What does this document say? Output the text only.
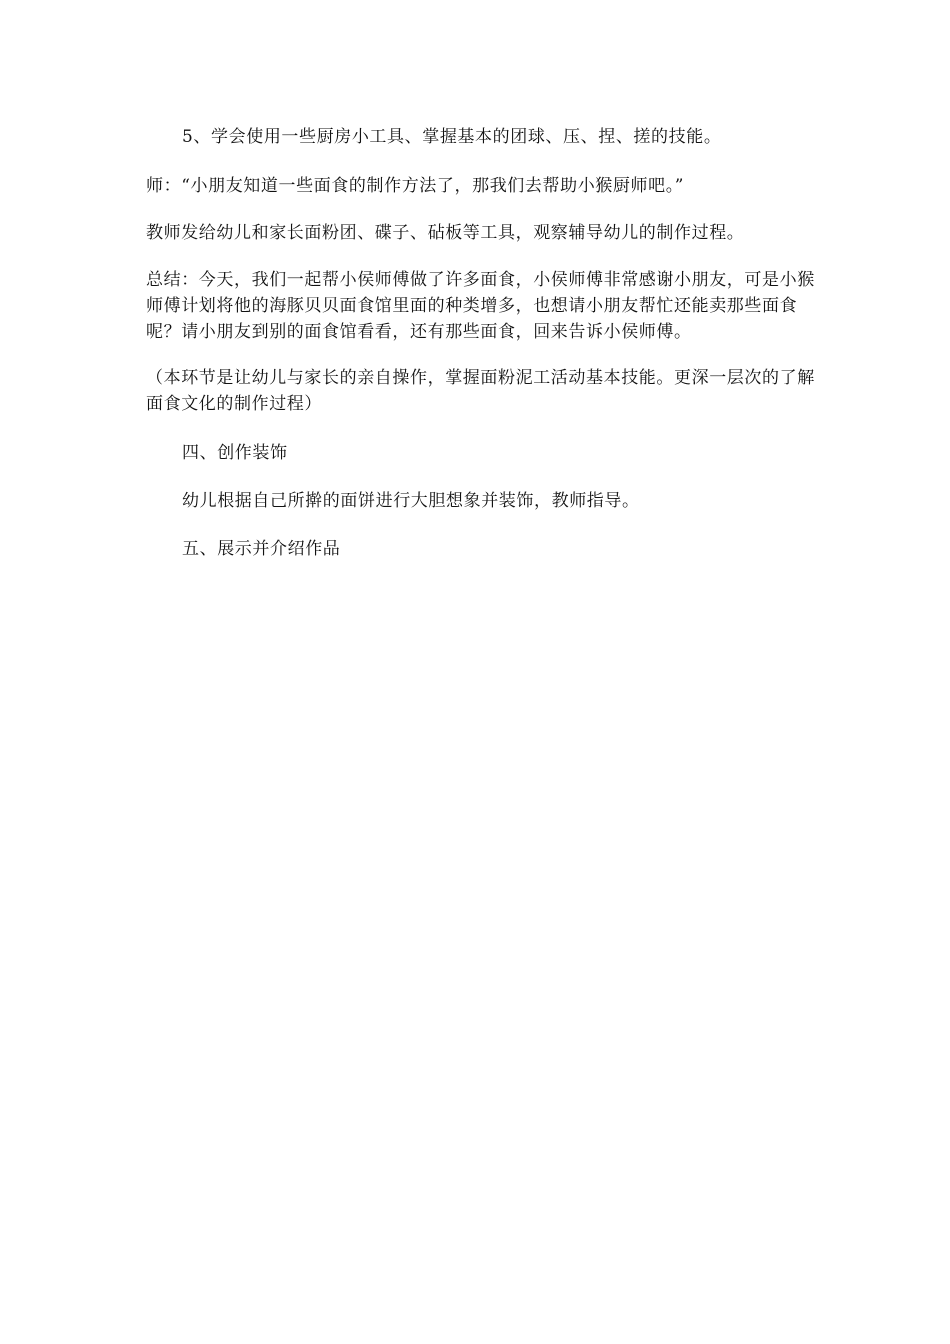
5、学会使用一些厨房小工具、掌握基本的团球、压、捏、搓的技能。

师：“小朋友知道一些面食的制作方法了，那我们去帮助小猴厨师吧。”

教师发给幼儿和家长面粉团、碟子、砧板等工具，观察辅导幼儿的制作过程。

总结：今天，我们一起帮小侯师傅做了许多面食，小侯师傅非常感谢小朋友，可是小猴师傅计划将他的海豚贝贝面食馆里面的种类增多，也想请小朋友帮忙还能卖那些面食呢？请小朋友到别的面食馆看看，还有那些面食，回来告诉小侯师傅。

（本环节是让幼儿与家长的亲自操作，掌握面粉泥工活动基本技能。更深一层次的了解面食文化的制作过程）

四、创作装饰

幼儿根据自己所擀的面饼进行大胆想象并装饰，教师指导。

五、展示并介绍作品
